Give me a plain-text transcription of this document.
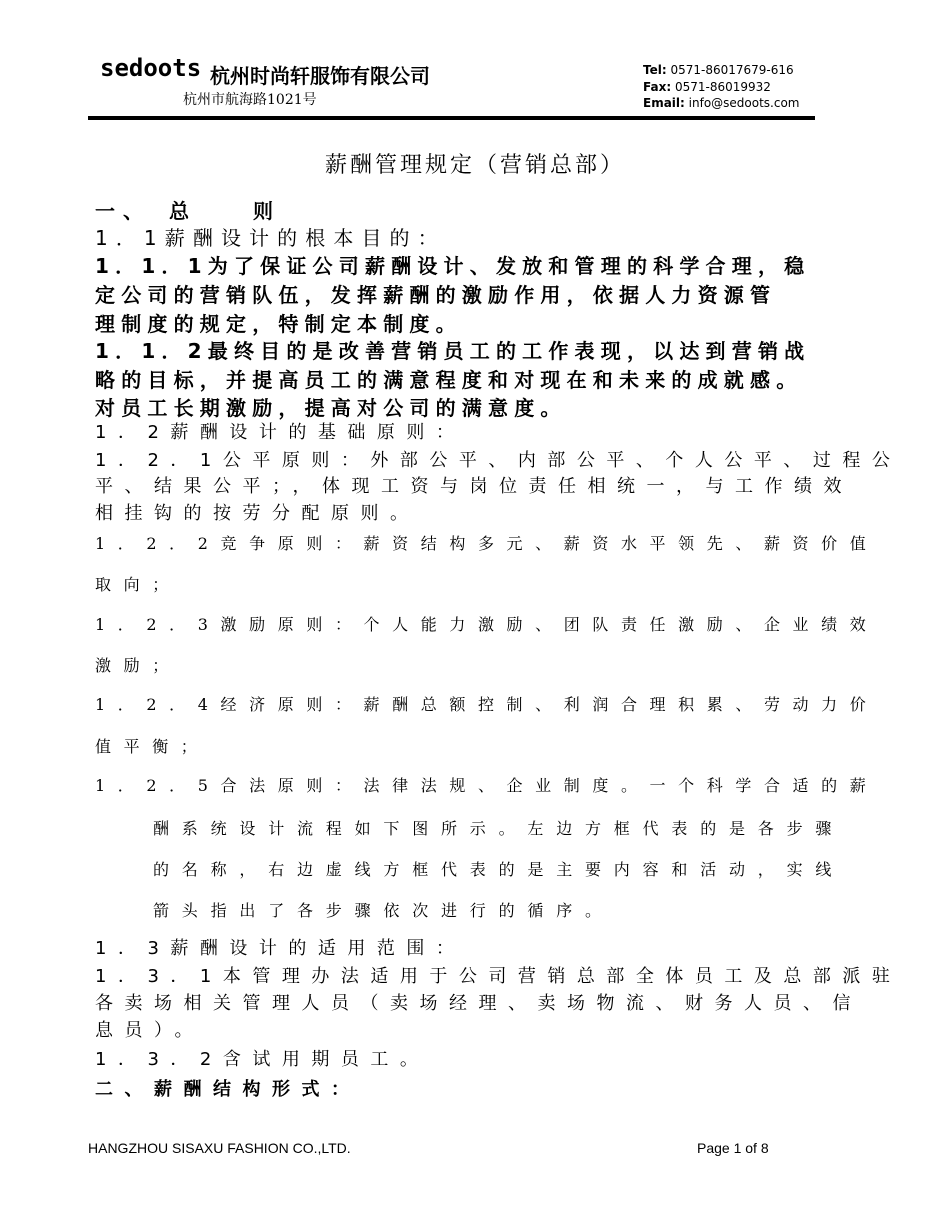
sedoots 杭州时尚轩服饰有限公司
杭州市航海路1021号
Tel: 0571-86017679-616
Fax: 0571-86019932
Email: info@sedoots.com
薪酬管理规定（营销总部）
一、　总　　则
1．1薪酬设计的根本目的：
1．1．1为了保证公司薪酬设计、发放和管理的科学合理，稳
定公司的营销队伍，发挥薪酬的激励作用，依据人力资源管
理制度的规定，特制定本制度。
1．1．2最终目的是改善营销员工的工作表现，以达到营销战
略的目标，并提高员工的满意程度和对现在和未来的成就感。
对员工长期激励，提高对公司的满意度。
1．2薪酬设计的基础原则：
1．2．1公平原则：外部公平、内部公平、个人公平、过程公
平、结果公平；，体现工资与岗位责任相统一，与工作绩效
相挂钩的按劳分配原则。
1．2．2竞争原则：薪资结构多元、薪资水平领先、薪资价值
取向；
1．2．3激励原则：个人能力激励、团队责任激励、企业绩效
激励；
1．2．4经济原则：薪酬总额控制、利润合理积累、劳动力价
值平衡；
1．2．5合法原则：法律法规、企业制度。一个科学合适的薪
酬系统设计流程如下图所示。左边方框代表的是各步骤
的名称，右边虚线方框代表的是主要内容和活动，实线
箭头指出了各步骤依次进行的循序。
1．3薪酬设计的适用范围：
1．3．1本管理办法适用于公司营销总部全体员工及总部派驻
各卖场相关管理人员（卖场经理、卖场物流、财务人员、信
息员）。
1．3．2含试用期员工。
二、薪酬结构形式：
HANGZHOU SISAXU FASHION CO.,LTD.	Page 1 of 8
